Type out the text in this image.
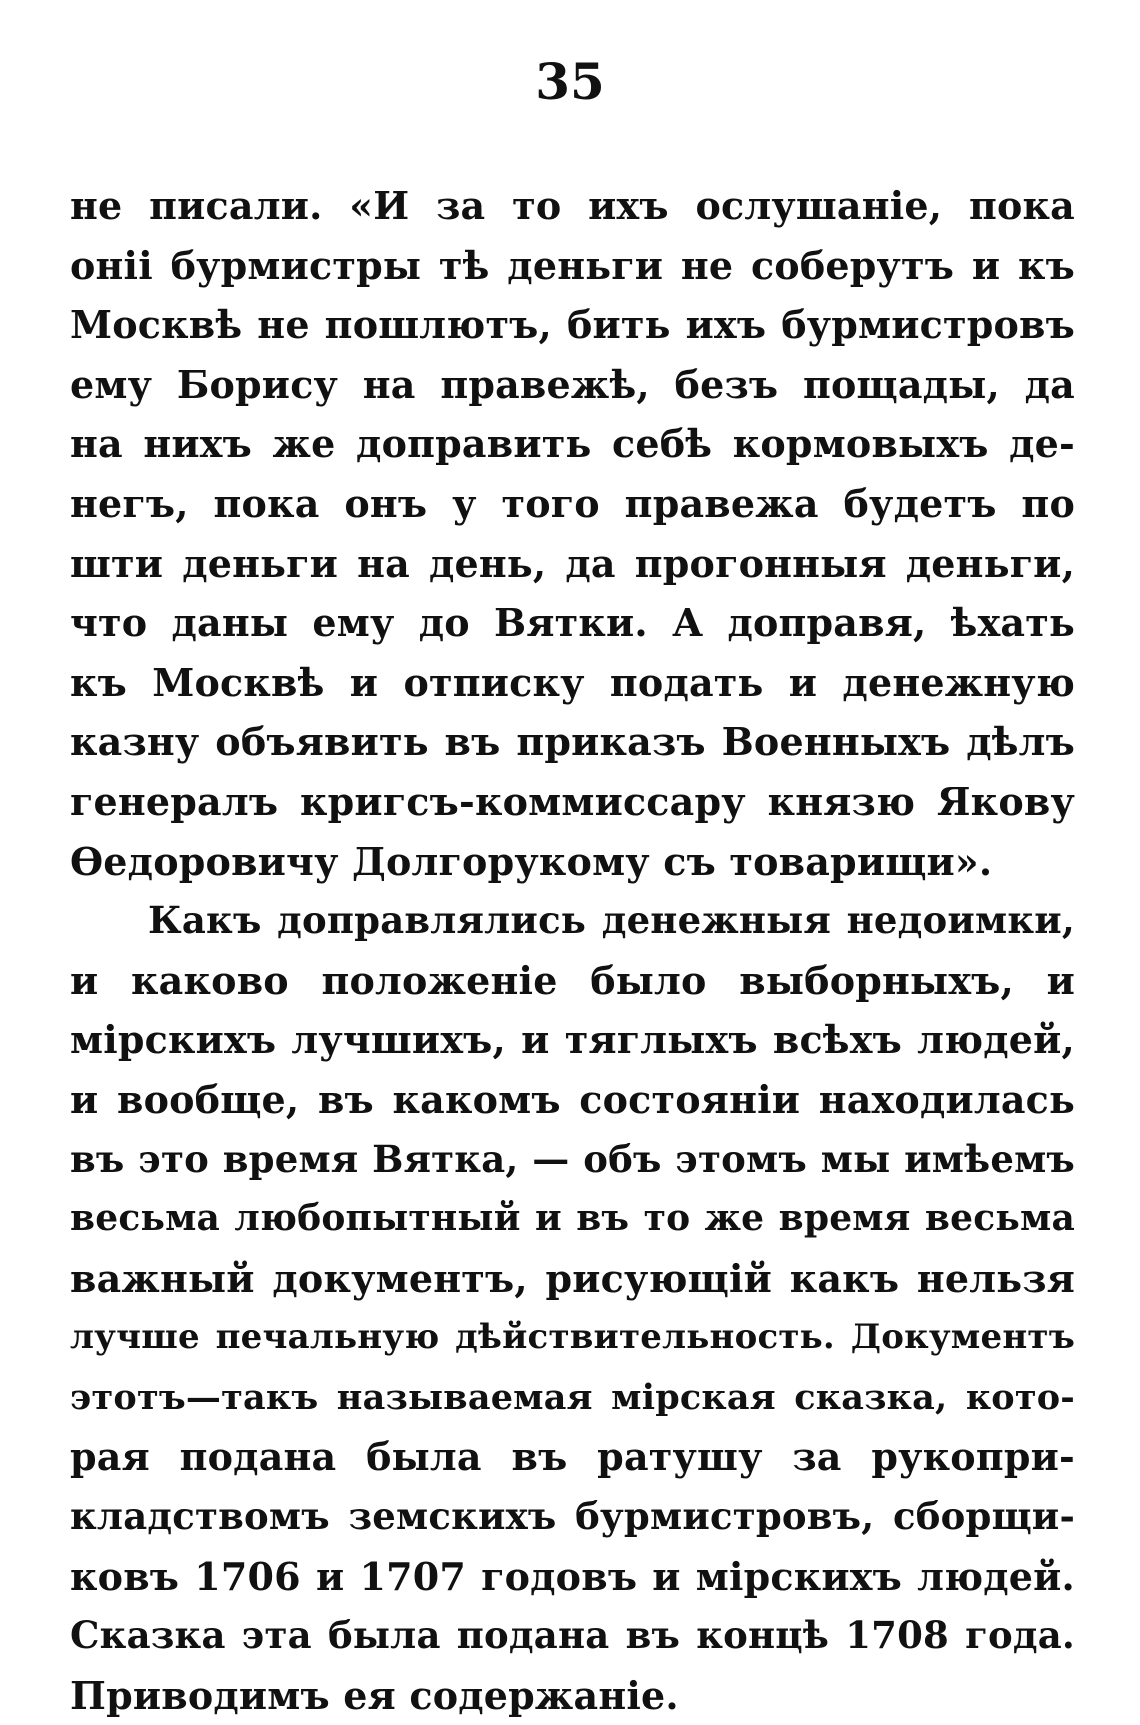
35
не писали. «И за то ихъ ослушаніе, пока
оніі бурмистры тѣ деньги не соберутъ и къ
Москвѣ не пошлютъ, бить ихъ бурмистровъ
ему Борису на правежѣ, безъ пощады, да
на нихъ же доправить себѣ кормовыхъ де-
негъ, пока онъ у того правежа будетъ по
шти деньги на день, да прогонныя деньги,
что даны ему до Вятки. А доправя, ѣхать
къ Москвѣ и отписку подать и денежную
казну объявить въ приказъ Военныхъ дѣлъ
генералъ кригсъ-коммиссару князю Якову
Ѳедоровичу Долгорукому съ товарищи».
Какъ доправлялись денежныя недоимки,
и каково положеніе было выборныхъ, и
мірскихъ лучшихъ, и тяглыхъ всѣхъ людей,
и вообще, въ какомъ состояніи находилась
въ это время Вятка, — объ этомъ мы имѣемъ
весьма любопытный и въ то же время весьма
важный документъ, рисующій какъ нельзя
лучше печальную дѣйствительность. Документъ
этотъ—такъ называемая мірская сказка, кото-
рая подана была въ ратушу за рукопри-
кладствомъ земскихъ бурмистровъ, сборщи-
ковъ 1706 и 1707 годовъ и мірскихъ людей.
Сказка эта была подана въ концѣ 1708 года.
Приводимъ ея содержаніе.
